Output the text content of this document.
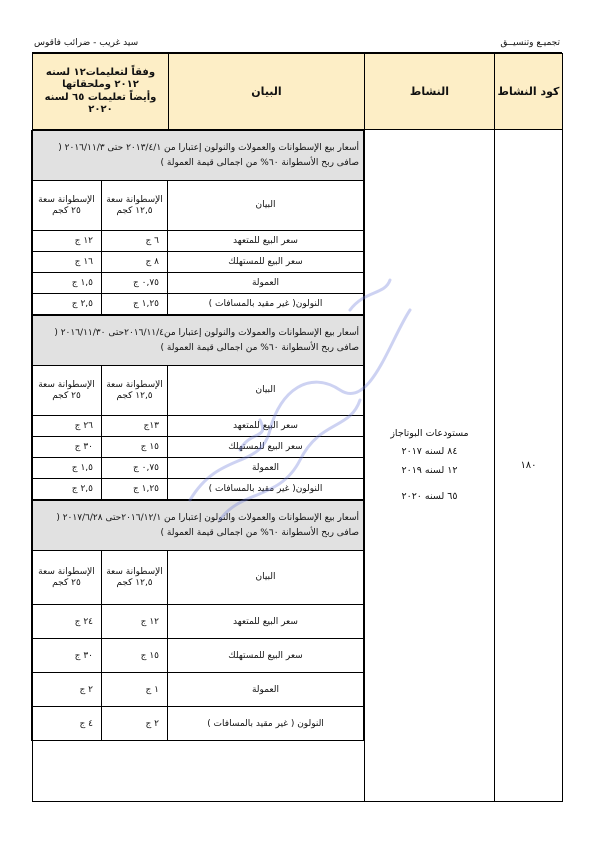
تجميـع وتنسيــق
سيد غريب - ضرائب فاقوس
كود النشاط	النشاط	البيان	
وفقاً لتعليمات١٢ لسنه
٢٠١٢ وملحقاتها
وأيضاً تعليمات ٦٥ لسنه
٢٠٢٠

١٨٠	
مستودعات البوتاجاز
٨٤ لسنه ٢٠١٧
١٢ لسنه ٢٠١٩
٦٥ لسنه ٢٠٢٠

أسعار بيع الإسطوانات والعمولات والنولون إعتبارا من ٢٠١٣/٤/١ حتى ٢٠١٦/١١/٣ ( صافى ربح الأسطوانة ٦٠% من اجمالى قيمة العمولة )
البيان	الإسطوانة سعة ١٢,٥ كجم	الإسطوانة سعة ٢٥ كجم
سعر البيع للمتعهد	٦ ج	١٢ ج
سعر البيع للمستهلك	٨ ج	١٦ ج
العمولة	٠,٧٥ ج	١,٥ ج
النولون( غير مقيد بالمسافات )	١,٢٥ ج	٢,٥ ج
أسعار بيع الإسطوانات والعمولات والنولون إعتبارا من٢٠١٦/١١/٤حتى ٢٠١٦/١١/٣٠ ( صافى ربح الأسطوانة ٦٠% من اجمالى قيمة العمولة )
البيان	الإسطوانة سعة ١٢,٥ كجم	الإسطوانة سعة ٢٥ كجم
سعر البيع للمتعهد	١٣ج	٢٦ ج
سعر البيع للمستهلك	١٥ ج	٣٠ ج
العمولة	٠,٧٥ ج	١,٥ ج
النولون( غير مقيد بالمسافات )	١,٢٥ ج	٢,٥ ج
أسعار بيع الإسطوانات والعمولات والنولون إعتبارا من ٢٠١٦/١٢/١حتى ٢٠١٧/٦/٢٨ ( صافى ربح الأسطوانة ٦٠% من اجمالى قيمة العمولة )
البيان	الإسطوانة سعة ١٢,٥ كجم	الإسطوانة سعة ٢٥ كجم
سعر البيع للمتعهد	١٢ ج	٢٤ ج
سعر البيع للمستهلك	١٥ ج	٣٠ ج
العمولة	١ ج	٢ ج
النولون ( غير مقيد بالمسافات )	٢ ج	٤ ج
